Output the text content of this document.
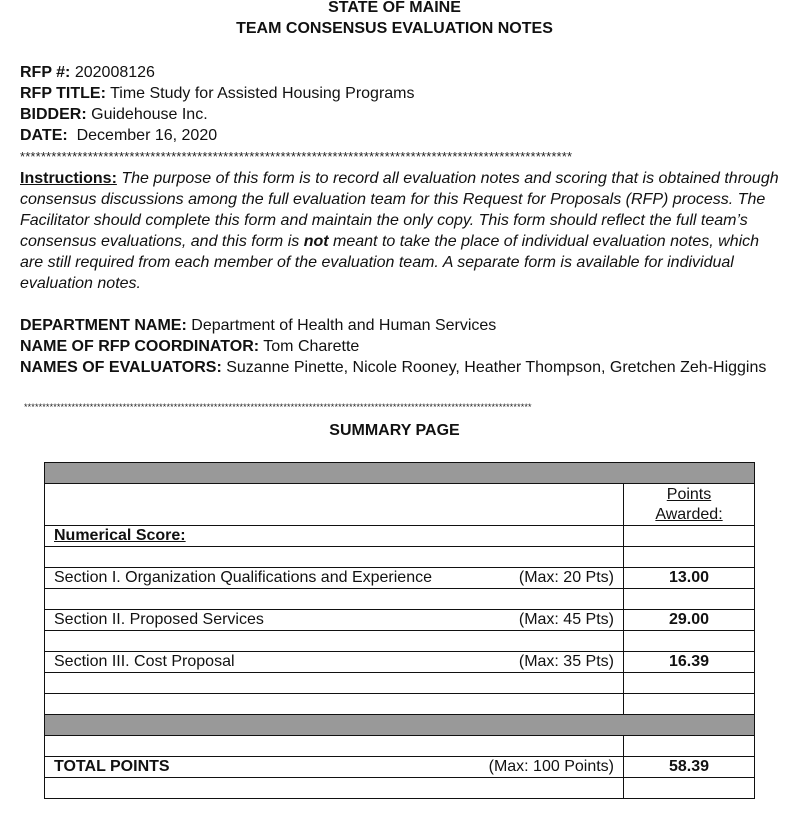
STATE OF MAINE
TEAM CONSENSUS EVALUATION NOTES
RFP #: 202008126
RFP TITLE: Time Study for Assisted Housing Programs
BIDDER: Guidehouse Inc.
DATE: December 16, 2020
**********************************************************************************************************
Instructions: The purpose of this form is to record all evaluation notes and scoring that is obtained through consensus discussions among the full evaluation team for this Request for Proposals (RFP) process. The Facilitator should complete this form and maintain the only copy. This form should reflect the full team’s consensus evaluations, and this form is not meant to take the place of individual evaluation notes, which are still required from each member of the evaluation team. A separate form is available for individual evaluation notes.
DEPARTMENT NAME: Department of Health and Human Services
NAME OF RFP COORDINATOR: Tom Charette
NAMES OF EVALUATORS: Suzanne Pinette, Nicole Rooney, Heather Thompson, Gretchen Zeh-Higgins
*******************************************************************************************************************************************
SUMMARY PAGE

	Points
Awarded:
Numerical Score:	

Section I. Organization Qualifications and Experience (Max: 20 Pts)	13.00

Section II. Proposed Services (Max: 45 Pts)	29.00

Section III. Cost Proposal (Max: 35 Pts)	16.39

TOTAL POINTS (Max: 100 Points)	58.39
